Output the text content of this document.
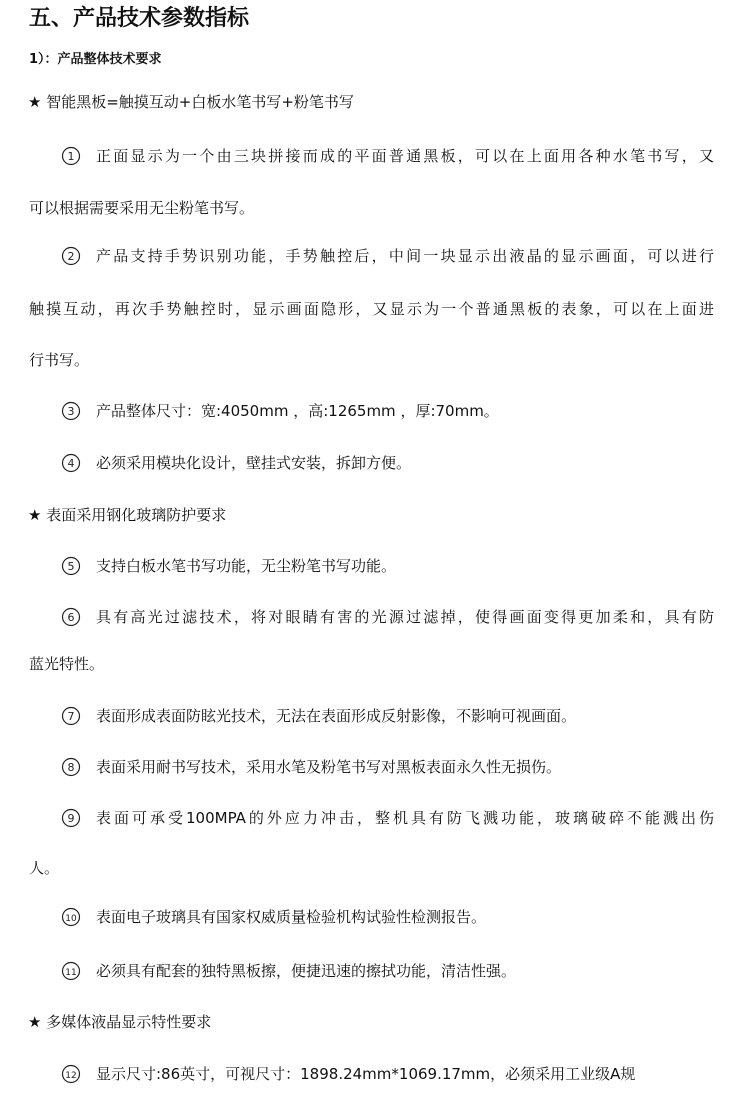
五、产品技术参数指标
1）：产品整体技术要求
★ 智能黑板=触摸互动+白板水笔书写+粉笔书写
1 正面显示为一个由三块拼接而成的平面普通黑板，可以在上面用各种水笔书写，又
可以根据需要采用无尘粉笔书写。
2 产品支持手势识别功能，手势触控后，中间一块显示出液晶的显示画面，可以进行
触摸互动，再次手势触控时，显示画面隐形，又显示为一个普通黑板的表象，可以在上面进
行书写。
3 产品整体尺寸：宽:4050mm ，高:1265mm ，厚:70mm。
4 必须采用模块化设计，壁挂式安装，拆卸方便。
★ 表面采用钢化玻璃防护要求
5 支持白板水笔书写功能，无尘粉笔书写功能。
6 具有高光过滤技术，将对眼睛有害的光源过滤掉，使得画面变得更加柔和，具有防
蓝光特性。
7 表面形成表面防眩光技术，无法在表面形成反射影像，不影响可视画面。
8 表面采用耐书写技术，采用水笔及粉笔书写对黑板表面永久性无损伤。
9 表面可承受100MPA的外应力冲击，整机具有防飞溅功能，玻璃破碎不能溅出伤
人。
10 表面电子玻璃具有国家权威质量检验机构试验性检测报告。
11 必须具有配套的独特黑板擦，便捷迅速的擦拭功能，清洁性强。
★ 多媒体液晶显示特性要求
12 显示尺寸:86英寸，可视尺寸：1898.24mm*1069.17mm，必须采用工业级A规
